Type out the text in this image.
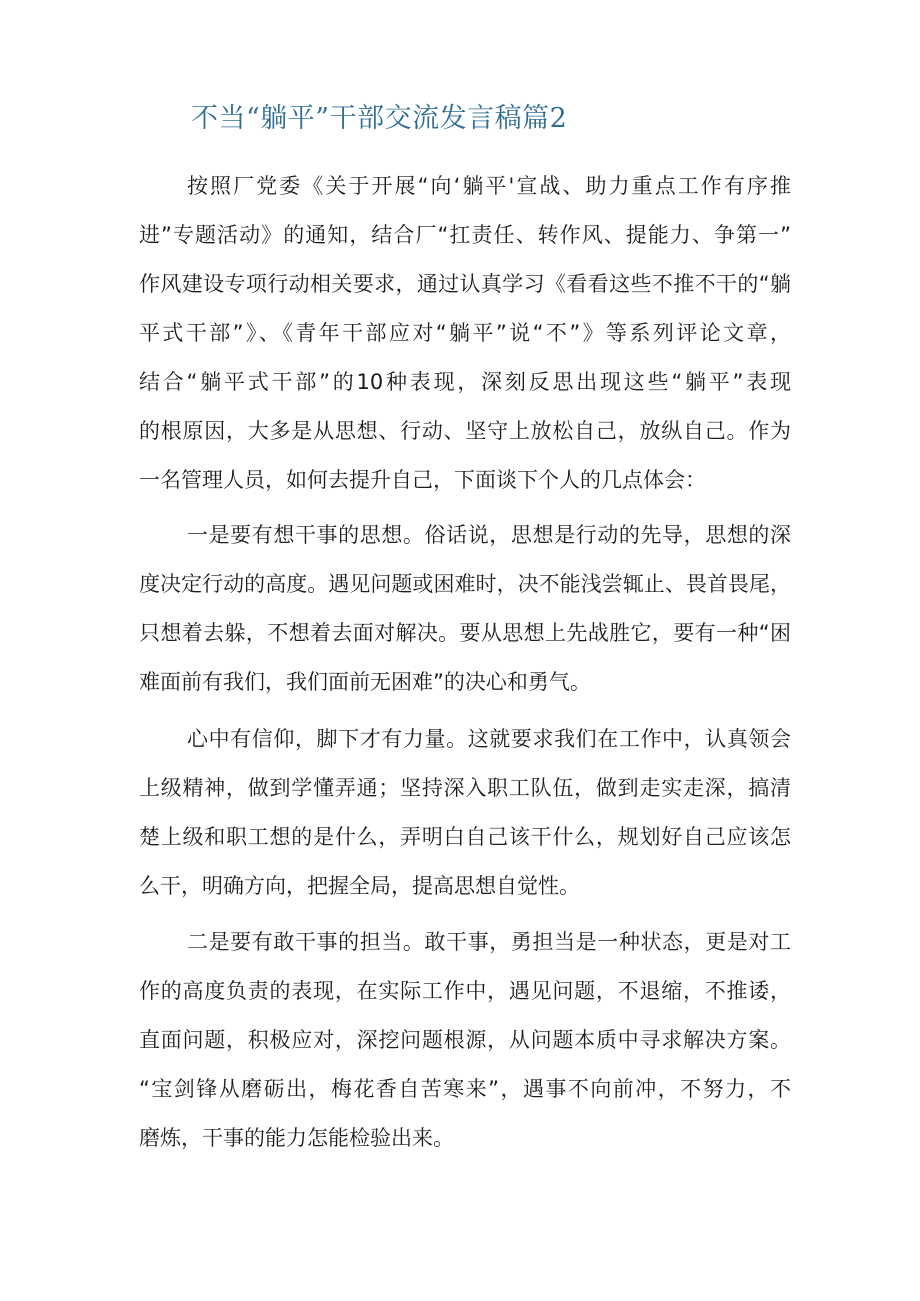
不当“躺平”干部交流发言稿篇2
按照厂党委《关于开展“向‘躺平'宣战、助力重点工作有序推
进”专题活动》的通知，结合厂“扛责任、转作风、提能力、争第一”
作风建设专项行动相关要求，通过认真学习《看看这些不推不干的“躺
平式干部”》、《青年干部应对“躺平”说“不”》等系列评论文章，
结合“躺平式干部”的10种表现，深刻反思出现这些“躺平”表现
的根原因，大多是从思想、行动、坚守上放松自己，放纵自己。作为
一名管理人员，如何去提升自己，下面谈下个人的几点体会：
一是要有想干事的思想。俗话说，思想是行动的先导，思想的深
度决定行动的高度。遇见问题或困难时，决不能浅尝辄止、畏首畏尾，
只想着去躲，不想着去面对解决。要从思想上先战胜它，要有一种“困
难面前有我们，我们面前无困难”的决心和勇气。
心中有信仰，脚下才有力量。这就要求我们在工作中，认真领会
上级精神，做到学懂弄通；坚持深入职工队伍，做到走实走深，搞清
楚上级和职工想的是什么，弄明白自己该干什么，规划好自己应该怎
么干，明确方向，把握全局，提高思想自觉性。
二是要有敢干事的担当。敢干事，勇担当是一种状态，更是对工
作的高度负责的表现，在实际工作中，遇见问题，不退缩，不推诿，
直面问题，积极应对，深挖问题根源，从问题本质中寻求解决方案。
“宝剑锋从磨砺出，梅花香自苦寒来”，遇事不向前冲，不努力，不
磨炼，干事的能力怎能检验出来。
